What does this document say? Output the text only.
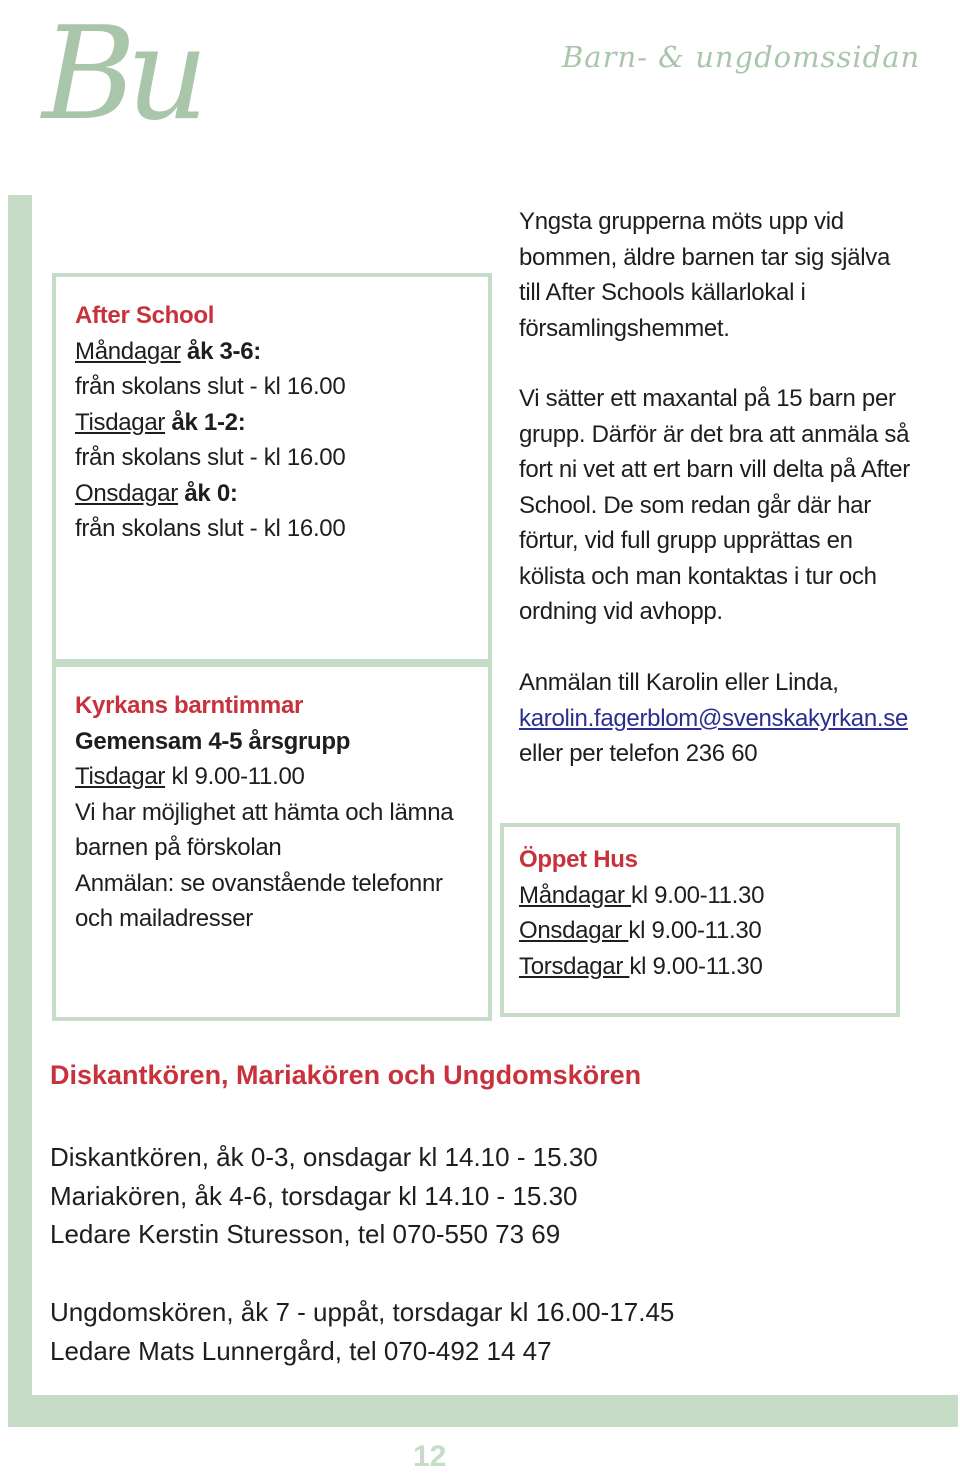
Bu	Barn- & ungdomssidan
After School
Måndagar åk 3-6:
från skolans slut - kl 16.00
Tisdagar åk 1-2:
från skolans slut - kl 16.00
Onsdagar åk 0:
från skolans slut - kl 16.00
Kyrkans barntimmar
Gemensam 4-5 årsgrupp
Tisdagar kl 9.00-11.00
Vi har möjlighet att hämta och lämna
barnen på förskolan
Anmälan: se ovanstående telefonnr
och mailadresser
Yngsta grupperna möts upp vid
bommen, äldre barnen tar sig själva
till After Schools källarlokal i
församlingshemmet.
Vi sätter ett maxantal på 15 barn per
grupp. Därför är det bra att anmäla så
fort ni vet att ert barn vill delta på After
School. De som redan går där har
förtur, vid full grupp upprättas en
kölista och man kontaktas i tur och
ordning vid avhopp.
Anmälan till Karolin eller Linda,
karolin.fagerblom@svenskakyrkan.se
eller per telefon 236 60
Öppet Hus
Måndagar kl 9.00-11.30
Onsdagar kl 9.00-11.30
Torsdagar kl 9.00-11.30
Diskantkören, Mariakören och Ungdomskören
Diskantkören, åk 0-3, onsdagar kl 14.10 - 15.30
Mariakören, åk 4-6, torsdagar kl 14.10 - 15.30
Ledare Kerstin Sturesson, tel 070-550 73 69
Ungdomskören, åk 7 - uppåt, torsdagar kl 16.00-17.45
Ledare Mats Lunnergård, tel 070-492 14 47
12
